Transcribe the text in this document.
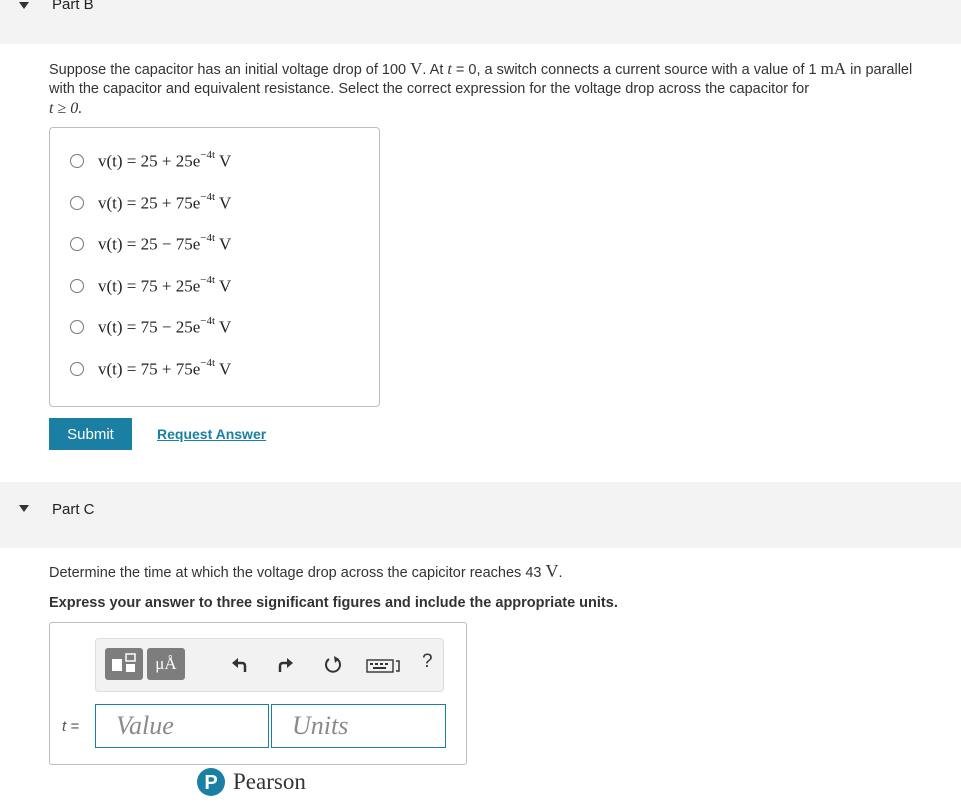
Part B
Suppose the capacitor has an initial voltage drop of 100 V. At t = 0, a switch connects a current source with a value of 1 mA in parallel with the capacitor and equivalent resistance. Select the correct expression for the voltage drop across the capacitor for
t ≥ 0.
$v(t) = 25 + 25e^{-4t}$ V
$v(t) = 25 + 75e^{-4t}$ V
$v(t) = 25 - 75e^{-4t}$ V
$v(t) = 75 + 25e^{-4t}$ V
$v(t) = 75 - 25e^{-4t}$ V
$v(t) = 75 + 75e^{-4t}$ V
Submit	Request Answer
Part C
Determine the time at which the voltage drop across the capicitor reaches 43 V.
Express your answer to three significant figures and include the appropriate units.
μÅ	?
t =
Value
Units
P Pearson
